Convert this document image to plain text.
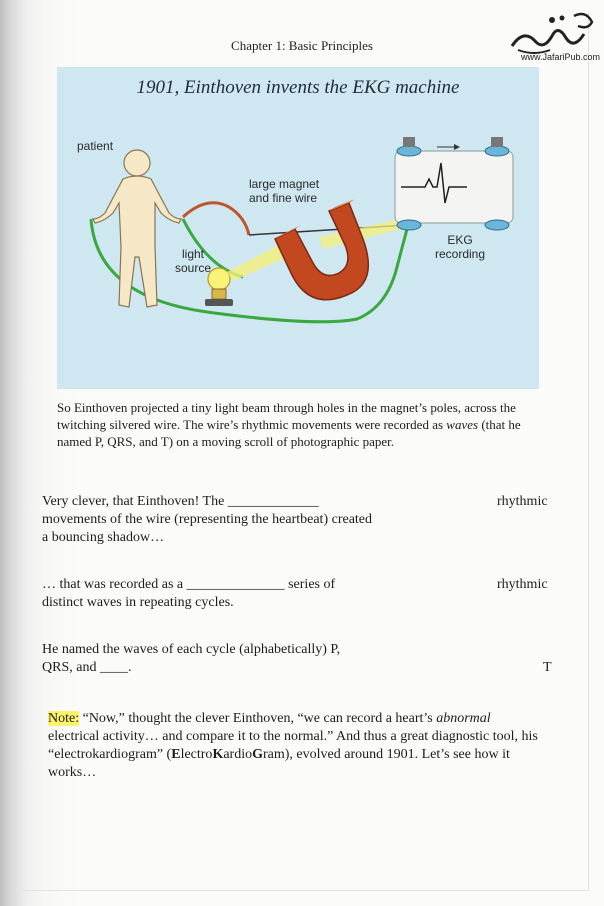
Chapter 1: Basic Principles
www.JafariPub.com
1901, Einthoven invents the EKG machine
patient
large magnet
and fine wire
light
source
EKG
recording
So Einthoven projected a tiny light beam through holes in the magnet’s poles, across the twitching silvered wire. The wire’s rhythmic movements were recorded as waves (that he named P, QRS, and T) on a moving scroll of photographic paper.
Very clever, that Einthoven! The _____________ movements of the wire (representing the heartbeat) created a bouncing shadow…
rhythmic
… that was recorded as a ______________ series of distinct waves in repeating cycles.
rhythmic
He named the waves of each cycle (alphabetically) P, QRS, and ____.	T
Note: “Now,” thought the clever Einthoven, “we can record a heart’s abnormal electrical activity… and compare it to the normal.” And thus a great diagnostic tool, his “electrokardiogram” (ElectroKardioGram), evolved around 1901. Let’s see how it works…
